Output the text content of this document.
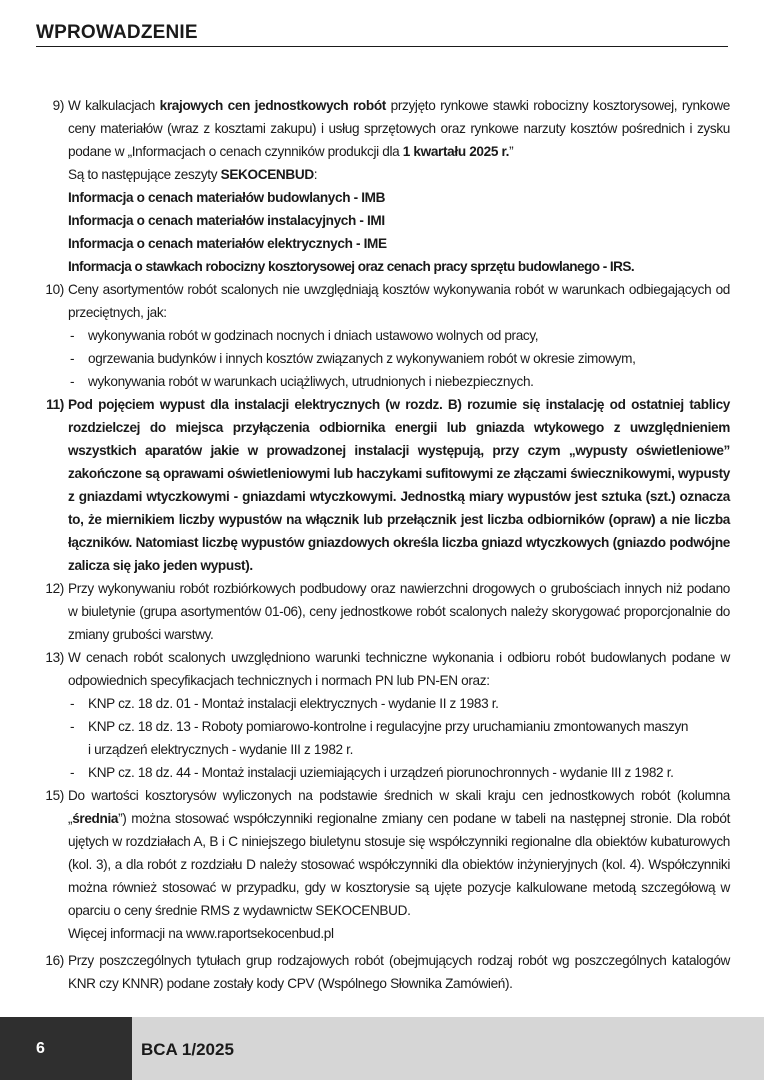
WPROWADZENIE
9) W kalkulacjach krajowych cen jednostkowych robót przyjęto rynkowe stawki robocizny kosztorysowej, rynkowe ceny materiałów (wraz z kosztami zakupu) i usług sprzętowych oraz rynkowe narzuty kosztów pośrednich i zysku podane w „Informacjach o cenach czynników produkcji dla 1 kwartału 2025 r.”

Są to następujące zeszyty SEKOCENBUD:

Informacja o cenach materiałów budowlanych - IMB

Informacja o cenach materiałów instalacyjnych - IMI

Informacja o cenach materiałów elektrycznych - IME

Informacja o stawkach robocizny kosztorysowej oraz cenach pracy sprzętu budowlanego - IRS.

10) Ceny asortymentów robót scalonych nie uwzględniają kosztów wykonywania robót w warunkach odbiegających od przeciętnych, jak:

-	wykonywania robót w godzinach nocnych i dniach ustawowo wolnych od pracy,
-	ogrzewania budynków i innych kosztów związanych z wykonywaniem robót w okresie zimowym,
-	wykonywania robót w warunkach uciążliwych, utrudnionych i niebezpiecznych.
11) Pod pojęciem wypust dla instalacji elektrycznych (w rozdz. B) rozumie się instalację od ostatniej tablicy rozdzielczej do miejsca przyłączenia odbiornika energii lub gniazda wtykowego z uwzględnieniem wszystkich aparatów jakie w prowadzonej instalacji występują, przy czym „wypusty oświetleniowe” zakończone są oprawami oświetleniowymi lub haczykami sufitowymi ze złączami świecznikowymi, wypusty z gniazdami wtyczkowymi - gniazdami wtyczkowymi. Jednostką miary wypustów jest sztuka (szt.) oznacza to, że miernikiem liczby wypustów na włącznik lub przełącznik jest liczba odbiorników (opraw) a nie liczba łączników. Natomiast liczbę wypustów gniazdowych określa liczba gniazd wtyczkowych (gniazdo podwójne zalicza się jako jeden wypust).

12) Przy wykonywaniu robót rozbiórkowych podbudowy oraz nawierzchni drogowych o grubościach innych niż podano w biuletynie (grupa asortymentów 01-06), ceny jednostkowe robót scalonych należy skorygować proporcjonalnie do zmiany grubości warstwy.

13) W cenach robót scalonych uwzględniono warunki techniczne wykonania i odbioru robót budowlanych podane w odpowiednich specyfikacjach technicznych i normach PN lub PN-EN oraz:

-	KNP cz. 18 dz. 01 - Montaż instalacji elektrycznych - wydanie II z 1983 r.
-	KNP cz. 18 dz. 13 - Roboty pomiarowo-kontrolne i regulacyjne przy uruchamianiu zmontowanych maszyn
i urządzeń elektrycznych - wydanie III z 1982 r.
-	KNP cz. 18 dz. 44 - Montaż instalacji uziemiających i urządzeń piorunochronnych - wydanie III z 1982 r.
15) Do wartości kosztorysów wyliczonych na podstawie średnich w skali kraju cen jednostkowych robót (kolumna „średnia”) można stosować współczynniki regionalne zmiany cen podane w tabeli na następnej stronie. Dla robót ujętych w rozdziałach A, B i C niniejszego biuletynu stosuje się współczynniki regionalne dla obiektów kubaturowych (kol. 3), a dla robót z rozdziału D należy stosować współczynniki dla obiektów inżynieryjnych (kol. 4). Współczynniki można również stosować w przypadku, gdy w kosztorysie są ujęte pozycje kalkulowane metodą szczegółową w oparciu o ceny średnie RMS z wydawnictw SEKOCENBUD.

Więcej informacji na www.raportsekocenbud.pl

16) Przy poszczególnych tytułach grup rodzajowych robót (obejmujących rodzaj robót wg poszczególnych katalogów KNR czy KNNR) podane zostały kody CPV (Wspólnego Słownika Zamówień).

6	BCA 1/2025
